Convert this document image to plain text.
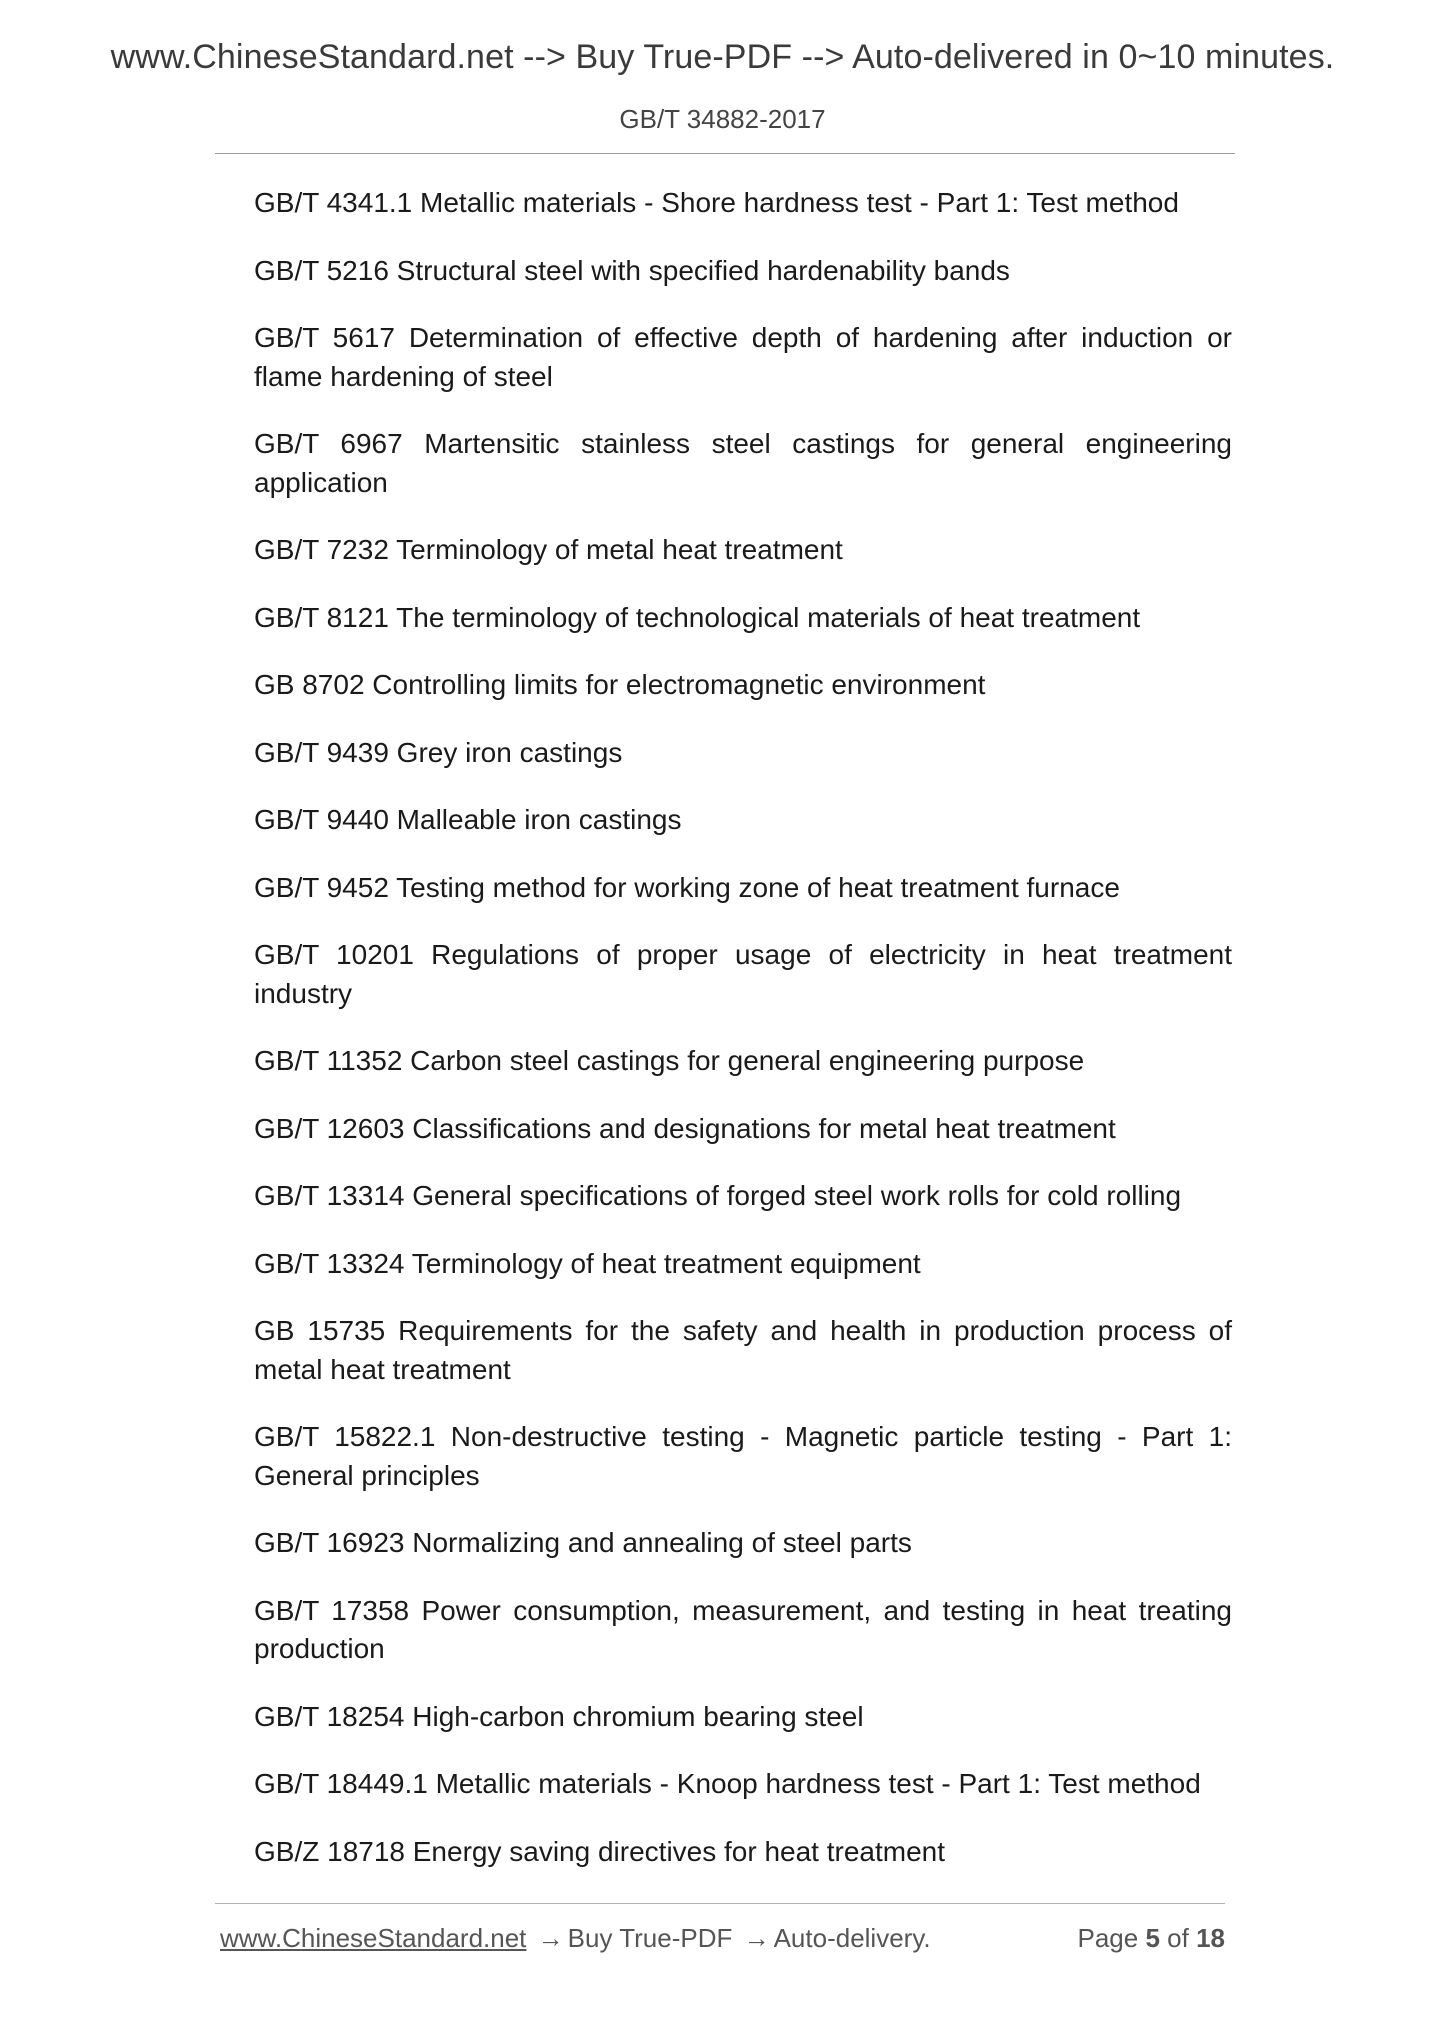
www.ChineseStandard.net --> Buy True-PDF --> Auto-delivered in 0~10 minutes.
GB/T 34882-2017
GB/T 4341.1 Metallic materials - Shore hardness test - Part 1: Test method
GB/T 5216 Structural steel with specified hardenability bands
GB/T 5617 Determination of effective depth of hardening after induction or flame hardening of steel
GB/T 6967 Martensitic stainless steel castings for general engineering application
GB/T 7232 Terminology of metal heat treatment
GB/T 8121 The terminology of technological materials of heat treatment
GB 8702 Controlling limits for electromagnetic environment
GB/T 9439 Grey iron castings
GB/T 9440 Malleable iron castings
GB/T 9452 Testing method for working zone of heat treatment furnace
GB/T 10201 Regulations of proper usage of electricity in heat treatment industry
GB/T 11352 Carbon steel castings for general engineering purpose
GB/T 12603 Classifications and designations for metal heat treatment
GB/T 13314 General specifications of forged steel work rolls for cold rolling
GB/T 13324 Terminology of heat treatment equipment
GB 15735 Requirements for the safety and health in production process of metal heat treatment
GB/T 15822.1 Non-destructive testing - Magnetic particle testing - Part 1: General principles
GB/T 16923 Normalizing and annealing of steel parts
GB/T 17358 Power consumption, measurement, and testing in heat treating production
GB/T 18254 High-carbon chromium bearing steel
GB/T 18449.1 Metallic materials - Knoop hardness test - Part 1: Test method
GB/Z 18718 Energy saving directives for heat treatment
www.ChineseStandard.net → Buy True-PDF → Auto-delivery.	Page 5 of 18
